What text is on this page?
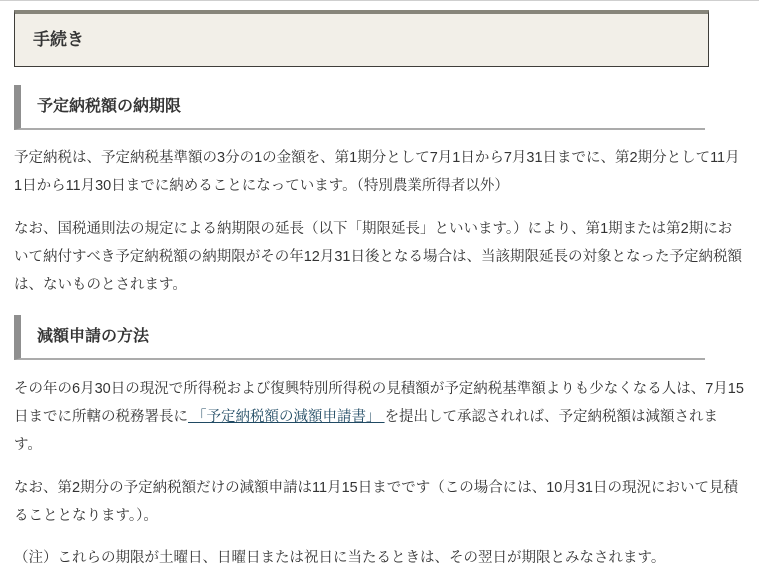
手続き
予定納税額の納期限

予定納税は、予定納税基準額の3分の1の金額を、第1期分として7月1日から7月31日までに、第2期分として11月1日から11月30日までに納めることになっています。（特別農業所得者以外）

なお、国税通則法の規定による納期限の延長（以下「期限延長」といいます。）により、第1期または第2期において納付すべき予定納税額の納期限がその年12月31日後となる場合は、当該期限延長の対象となった予定納税額は、ないものとされます。

減額申請の方法

その年の6月30日の現況で所得税および復興特別所得税の見積額が予定納税基準額よりも少なくなる人は、7月15日までに所轄の税務署長に 「予定納税額の減額申請書」 を提出して承認されれば、予定納税額は減額されます。

なお、第2期分の予定納税額だけの減額申請は11月15日までです（この場合には、10月31日の現況において見積ることとなります。）。

（注）これらの期限が土曜日、日曜日または祝日に当たるときは、その翌日が期限とみなされます。
